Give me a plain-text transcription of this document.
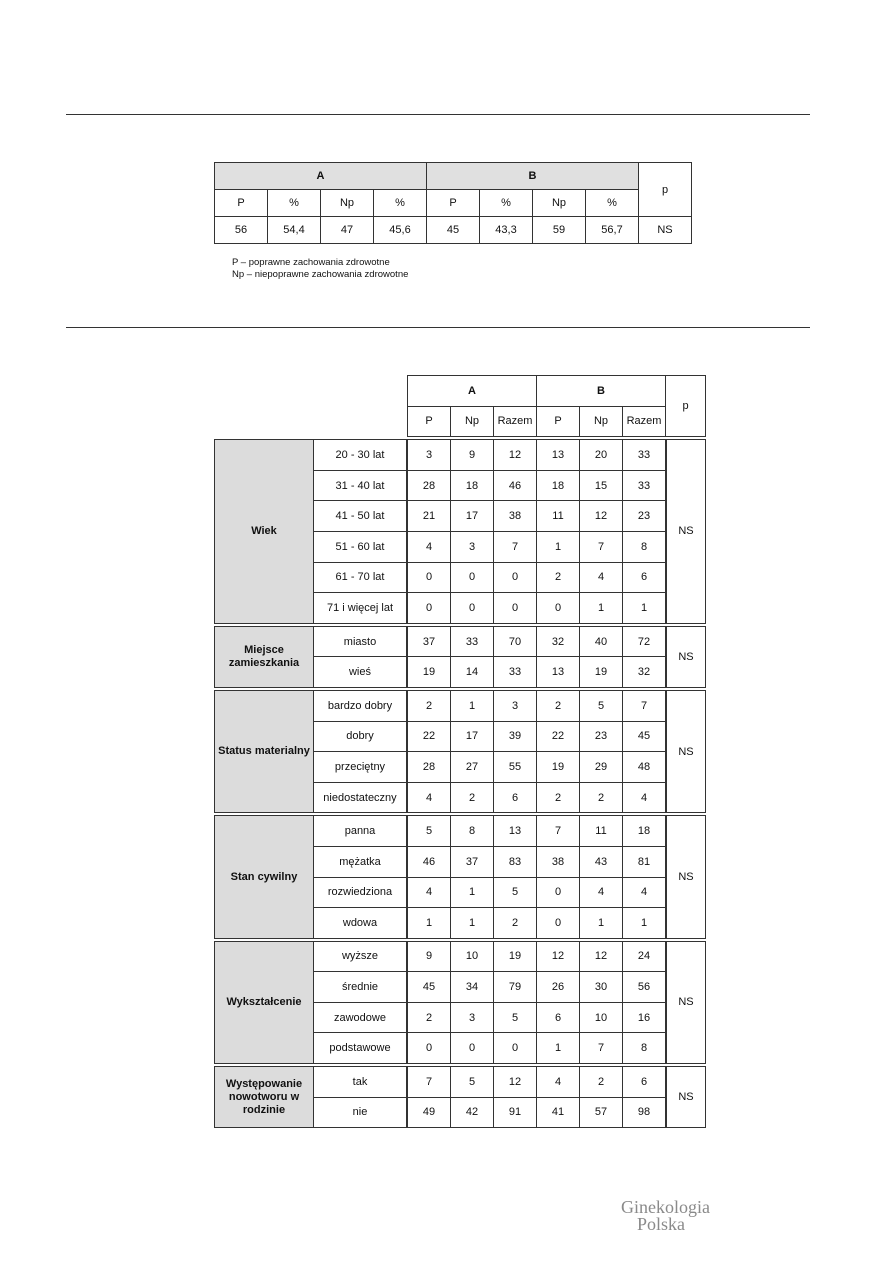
A				B				p
P	%	Np	%	P	%	Np	%	
56	54,4	47	45,6	45	43,3	59	56,7	NS
P – poprawne zachowania zdrowotne
Np – niepoprawne zachowania zdrowotne
		A			B			p
		P	Np	Razem	P	Np	Razem	

Wiek	20 - 30 lat	3	9	12	13	20	33	NS
	31 - 40 lat	28	18	46	18	15	33	
	41 - 50 lat	21	17	38	11	12	23	
	51 - 60 lat	4	3	7	1	7	8	
	61 - 70 lat	0	0	0	2	4	6	
	71 i więcej lat	0	0	0	0	1	1	

Miejsce zamieszkania	miasto	37	33	70	32	40	72	NS
	wieś	19	14	33	13	19	32	

Status materialny	bardzo dobry	2	1	3	2	5	7	NS
	dobry	22	17	39	22	23	45	
	przeciętny	28	27	55	19	29	48	
	niedostateczny	4	2	6	2	2	4	

Stan cywilny	panna	5	8	13	7	11	18	NS
	mężatka	46	37	83	38	43	81	
	rozwiedziona	4	1	5	0	4	4	
	wdowa	1	1	2	0	1	1	

Wykształcenie	wyższe	9	10	19	12	12	24	NS
	średnie	45	34	79	26	30	56	
	zawodowe	2	3	5	6	10	16	
	podstawowe	0	0	0	1	7	8	

Występowanie nowotworu w rodzinie	tak	7	5	12	4	2	6	NS
	nie	49	42	91	41	57	98	
Ginekologia
Polska
